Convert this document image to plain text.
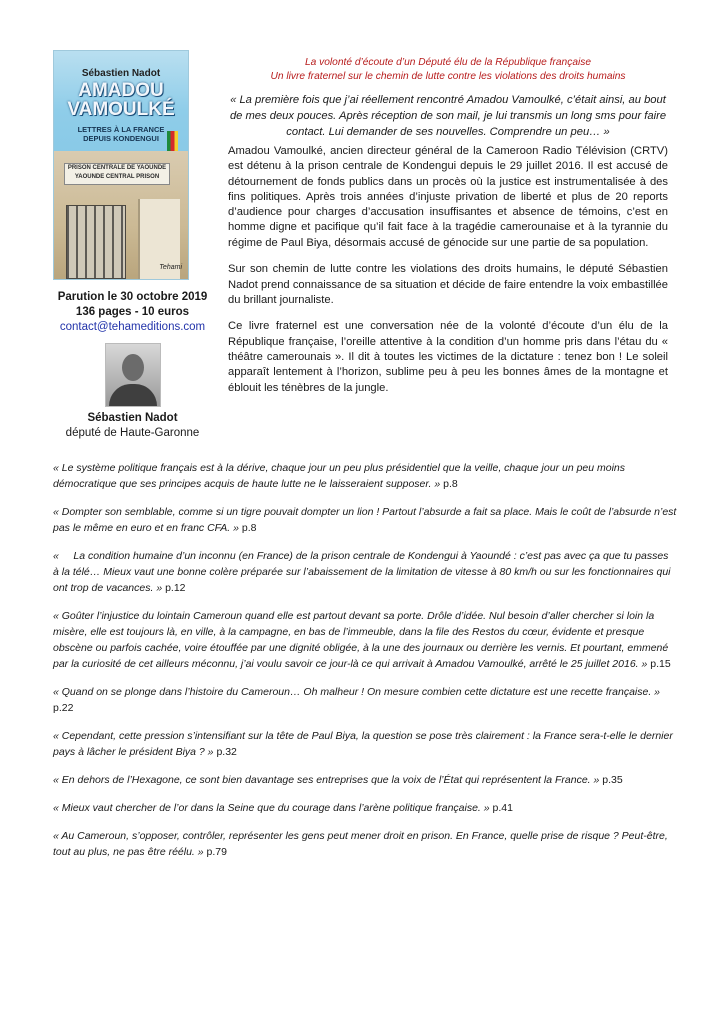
Sébastien Nadot
AMADOU
VAMOULKÉ
LETTRES À LA FRANCE
DEPUIS KONDENGUI
PRISON CENTRALE DE YAOUNDE
YAOUNDE CENTRAL PRISON
Tehami
Parution le 30 octobre 2019
136 pages - 10 euros
contact@tehameditions.com
Sébastien Nadot
député de Haute-Garonne
La volonté d’écoute d’un Député élu de la République française
Un livre fraternel sur le chemin de lutte contre les violations des droits humains
« La première fois que j’ai réellement rencontré Amadou Vamoulké, c’était ainsi, au bout de mes deux pouces. Après réception de son mail, je lui transmis un long sms pour faire contact. Lui demander de ses nouvelles. Comprendre un peu… »

Amadou Vamoulké, ancien directeur général de la Cameroon Radio Télévision (CRTV) est détenu à la prison centrale de Kondengui depuis le 29 juillet 2016. Il est accusé de détournement de fonds publics dans un procès où la justice est instrumentalisée à des fins politiques. Après trois années d’injuste privation de liberté et plus de 20 reports d’audience pour charges d’accusation insuffisantes et absence de témoins, c’est en homme digne et pacifique qu’il fait face à la tragédie camerounaise et à la tyrannie du régime de Paul Biya, désormais accusé de génocide sur une partie de sa population.

Sur son chemin de lutte contre les violations des droits humains, le député Sébastien Nadot prend connaissance de sa situation et décide de faire entendre la voix embastillée du brillant journaliste.

Ce livre fraternel est une conversation née de la volonté d’écoute d’un élu de la République française, l’oreille attentive à la condition d’un homme pris dans l’étau du « théâtre camerounais ». Il dit à toutes les victimes de la dictature : tenez bon ! Le soleil apparaît lentement à l’horizon, sublime peu à peu les bonnes âmes de la montagne et éblouit les ténèbres de la jungle.

« Le système politique français est à la dérive, chaque jour un peu plus présidentiel que la veille, chaque jour un peu moins démocratique que ses principes acquis de haute lutte ne le laisseraient supposer. » p.8

« Dompter son semblable, comme si un tigre pouvait dompter un lion ! Partout l’absurde a fait sa place. Mais le coût de l’absurde n’est pas le même en euro et en franc CFA. » p.8

«     La condition humaine d’un inconnu (en France) de la prison centrale de Kondengui à Yaoundé : c’est pas avec ça que tu passes à la télé… Mieux vaut une bonne colère préparée sur l’abaissement de la limitation de vitesse à 80 km/h ou sur les fonctionnaires qui ont trop de vacances. » p.12

« Goûter l’injustice du lointain Cameroun quand elle est partout devant sa porte. Drôle d’idée. Nul besoin d’aller chercher si loin la misère, elle est toujours là, en ville, à la campagne, en bas de l’immeuble, dans la file des Restos du cœur, évidente et presque obscène ou parfois cachée, voire étouffée par une dignité obligée, à la une des journaux ou derrière les vernis. Et pourtant, emmené par la curiosité de cet ailleurs méconnu, j’ai voulu savoir ce jour-là ce qui arrivait à Amadou Vamoulké, arrêté le 25 juillet 2016. » p.15

« Quand on se plonge dans l’histoire du Cameroun… Oh malheur ! On mesure combien cette dictature est une recette française. » p.22

« Cependant, cette pression s’intensifiant sur la tête de Paul Biya, la question se pose très clairement : la France sera-t-elle le dernier pays à lâcher le président Biya ? » p.32

« En dehors de l’Hexagone, ce sont bien davantage ses entreprises que la voix de l’État qui représentent la France. » p.35

« Mieux vaut chercher de l’or dans la Seine que du courage dans l’arène politique française. » p.41

« Au Cameroun, s’opposer, contrôler, représenter les gens peut mener droit en prison. En France, quelle prise de risque ? Peut-être, tout au plus, ne pas être réélu. » p.79
